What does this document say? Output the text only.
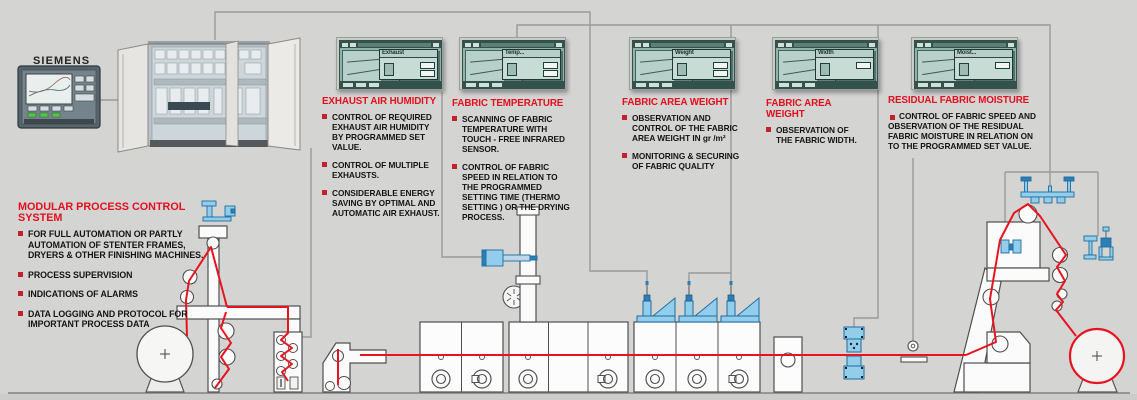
SIEMENS
Exhaust	Temp...	Weight	Width	Moist...
MODULAR PROCESS CONTROL SYSTEM
FOR FULL AUTOMATION OR PARTLY AUTOMATION OF STENTER FRAMES, DRYERS & OTHER FINISHING MACHINES.
PROCESS SUPERVISION
INDICATIONS OF ALARMS
DATA LOGGING AND PROTOCOL FOR IMPORTANT PROCESS DATA
EXHAUST AIR HUMIDITY
CONTROL OF REQUIRED EXHAUST AIR HUMIDITY BY PROGRAMMED SET VALUE.
CONTROL OF MULTIPLE EXHAUSTS.
CONSIDERABLE ENERGY SAVING BY OPTIMAL AND AUTOMATIC AIR EXHAUST.
FABRIC TEMPERATURE
SCANNING OF FABRIC TEMPERATURE WITH TOUCH - FREE INFRARED SENSOR.
CONTROL OF FABRIC SPEED IN RELATION TO THE PROGRAMMED SETTING TIME (THERMO SETTING ) OR THE DRYING PROCESS.
FABRIC AREA WEIGHT
OBSERVATION AND CONTROL OF THE FABRIC AREA WEIGHT IN gr /m²
MONITORING & SECURING OF FABRIC QUALITY
FABRIC AREA WEIGHT
OBSERVATION OF THE FABRIC WIDTH.
RESIDUAL FABRIC MOISTURE
CONTROL OF FABRIC SPEED AND OBSERVATION OF THE RESIDUAL FABRIC MOISTURE IN RELATION ON TO THE PROGRAMMED SET VALUE.
